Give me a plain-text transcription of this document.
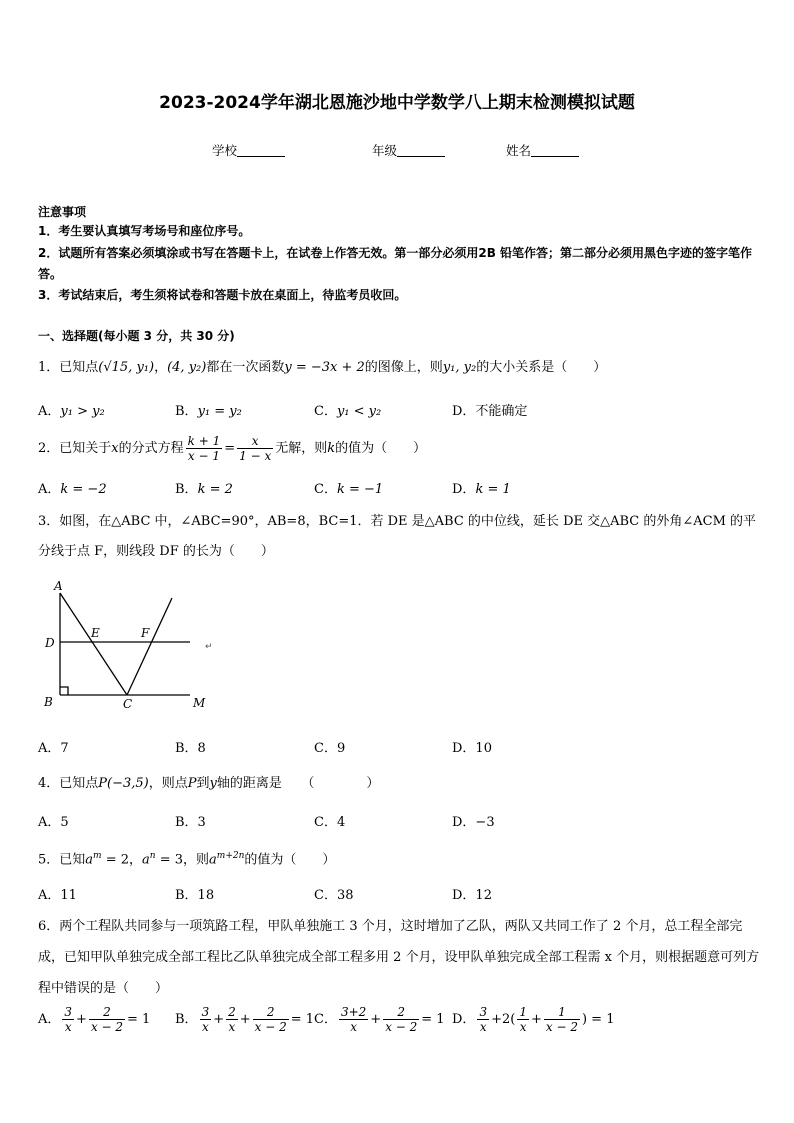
2023-2024学年湖北恩施沙地中学数学八上期末检测模拟试题
学校	年级	姓名
注意事项
1．考生要认真填写考场号和座位序号。
2．试题所有答案必须填涂或书写在答题卡上，在试卷上作答无效。第一部分必须用2B 铅笔作答；第二部分必须用黑色字迹的签字笔作答。
3．考试结束后，考生须将试卷和答题卡放在桌面上，待监考员收回。
一、选择题(每小题 3 分，共 30 分)
1．已知点(√15, y₁)，(4, y₂)都在一次函数y = −3x + 2的图像上，则y₁, y₂的大小关系是（　　）
A．y₁ > y₂	B．y₁ = y₂	C．y₁ < y₂	D．不能确定
2．已知关于x的分式方程 $\frac{k + 1}{x - 1} = \frac{x}{1 - x}$ 无解，则k的值为（　　）
A．k = −2	B．k = 2	C．k = −1	D．k = 1
3．如图，在△ABC 中，∠ABC=90°，AB=8，BC=1．若 DE 是△ABC 的中位线，延长 DE 交△ABC 的外角∠ACM 的平分线于点 F，则线段 DF 的长为（　　）
A
D
E	F
B	C	M
↵
A．7	B．8	C．9	D．10
4．已知点P(−3,5)，则点P到y轴的距离是　　（　　　　）
A．5	B．3	C．4	D．−3
5．已知$a^m = 2$，$a^n = 3$，则$a^{m+2n}$的值为（　　）
A．11	B．18	C．38	D．12
6．两个工程队共同参与一项筑路工程，甲队单独施工 3 个月，这时增加了乙队，两队又共同工作了 2 个月，总工程全部完成，已知甲队单独完成全部工程比乙队单独完成全部工程多用 2 个月，设甲队单独完成全部工程需 x 个月，则根据题意可列方程中错误的是（　　）
A． $\frac{3}{x} + \frac{2}{x - 2} = 1$ B． $\frac{3}{x} + \frac{2}{x} + \frac{2}{x - 2} = 1$ C． $\frac{3+2}{x} + \frac{2}{x - 2} = 1$ D． $\frac{3}{x} +2( \frac{1}{x} + \frac{1}{x - 2}$ ) = 1
